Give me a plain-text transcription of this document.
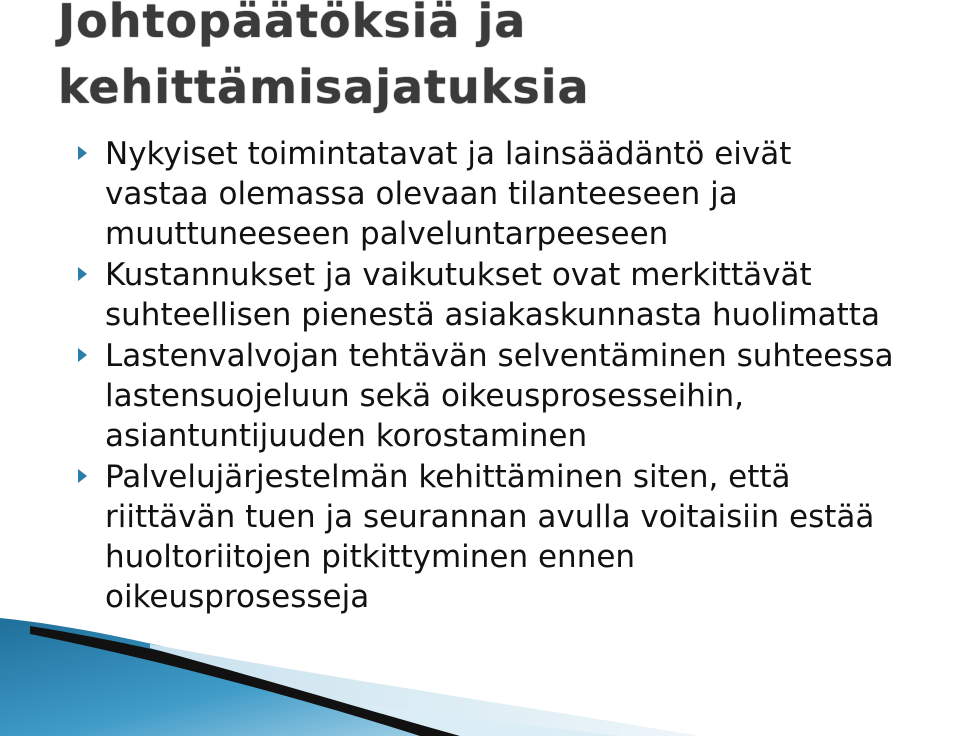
Johtopäätöksiä ja
kehittämisajatuksia
Nykyiset toimintatavat ja lainsäädäntö eivät
vastaa olemassa olevaan tilanteeseen ja
muuttuneeseen palveluntarpeeseen
Kustannukset ja vaikutukset ovat merkittävät
suhteellisen pienestä asiakaskunnasta huolimatta
Lastenvalvojan tehtävän selventäminen suhteessa
lastensuojeluun sekä oikeusprosesseihin,
asiantuntijuuden korostaminen
Palvelujärjestelmän kehittäminen siten, että
riittävän tuen ja seurannan avulla voitaisiin estää
huoltoriitojen pitkittyminen ennen
oikeusprosesseja
